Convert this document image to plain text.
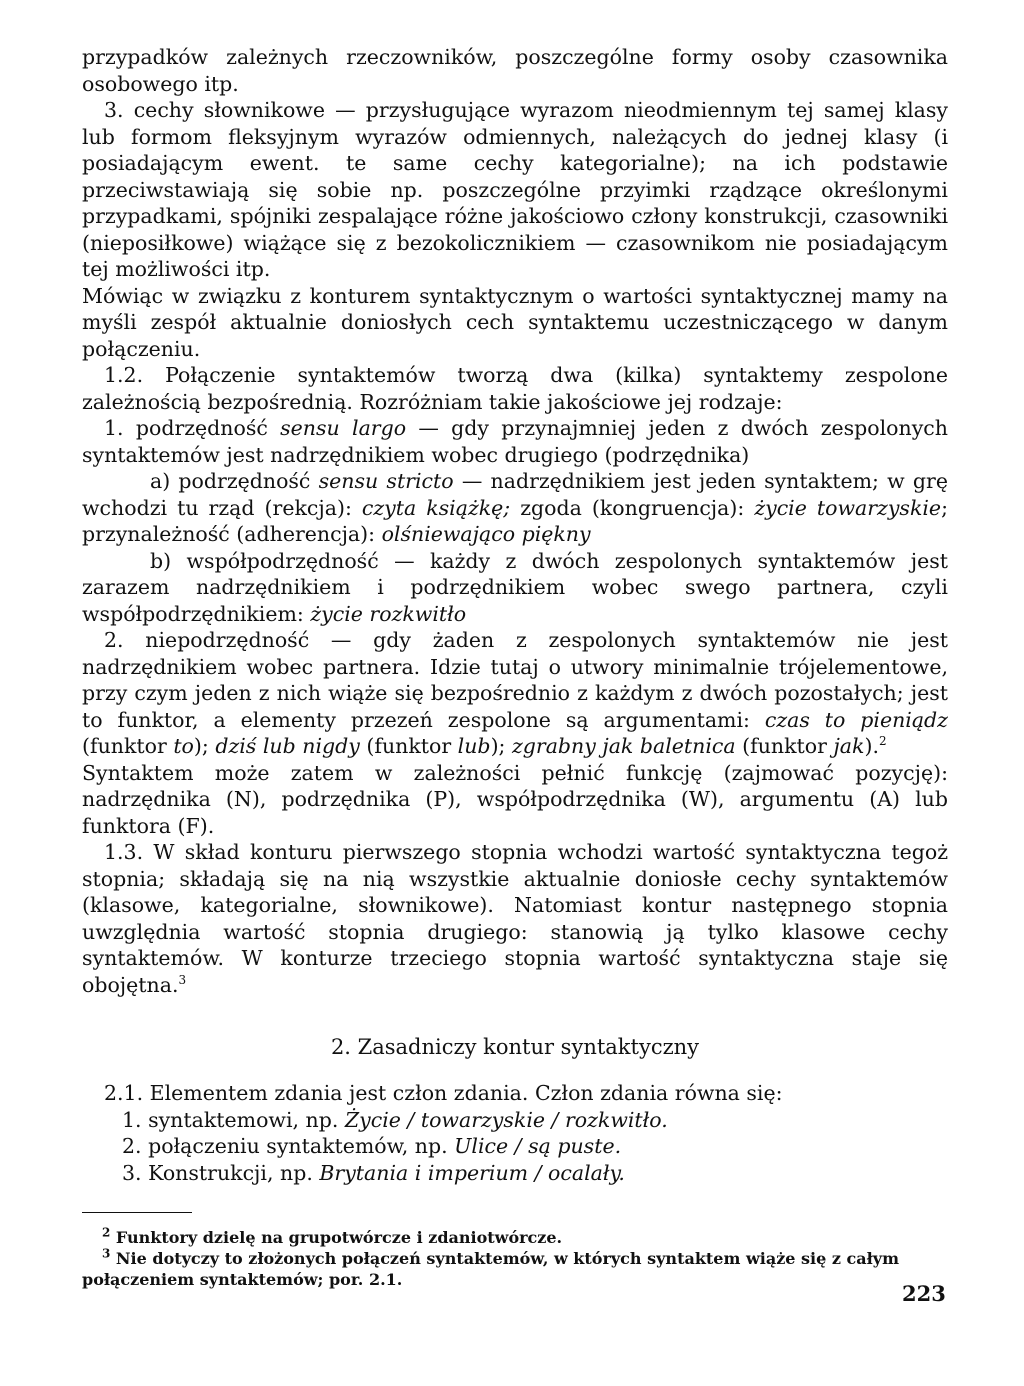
przypadków zależnych rzeczowników, poszczególne formy osoby czasownika osobowego itp.

3. cechy słownikowe — przysługujące wyrazom nieodmiennym tej samej klasy lub formom fleksyjnym wyrazów odmiennych, należących do jednej klasy (i posiadającym ewent. te same cechy kategorialne); na ich podstawie przeciwstawiają się sobie np. poszczególne przyimki rządzące określonymi przypadkami, spójniki zespalające różne jakościowo człony konstrukcji, czasowniki (nieposiłkowe) wiążące się z bezokolicznikiem — czasownikom nie posiadającym tej możliwości itp.

Mówiąc w związku z konturem syntaktycznym o wartości syntaktycznej mamy na myśli zespół aktualnie doniosłych cech syntaktemu uczestniczącego w danym połączeniu.

1.2. Połączenie syntaktemów tworzą dwa (kilka) syntaktemy zespolone zależnością bezpośrednią. Rozróżniam takie jakościowe jej rodzaje:

1. podrzędność sensu largo — gdy przynajmniej jeden z dwóch zespolonych syntaktemów jest nadrzędnikiem wobec drugiego (podrzędnika)

a) podrzędność sensu stricto — nadrzędnikiem jest jeden syntaktem; w grę wchodzi tu rząd (rekcja): czyta książkę; zgoda (kongruencja): życie towarzyskie; przynależność (adherencja): olśniewająco piękny

b) współpodrzędność — każdy z dwóch zespolonych syntaktemów jest zarazem nadrzędnikiem i podrzędnikiem wobec swego partnera, czyli współpodrzędnikiem: życie rozkwitło

2. niepodrzędność — gdy żaden z zespolonych syntaktemów nie jest nadrzędnikiem wobec partnera. Idzie tutaj o utwory minimalnie trójelementowe, przy czym jeden z nich wiąże się bezpośrednio z każdym z dwóch pozostałych; jest to funktor, a elementy przezeń zespolone są argumentami: czas to pieniądz (funktor to); dziś lub nigdy (funktor lub); zgrabny jak baletnica (funktor jak).$^2$

Syntaktem może zatem w zależności pełnić funkcję (zajmować pozycję): nadrzędnika (N), podrzędnika (P), współpodrzędnika (W), argumentu (A) lub funktora (F).

1.3. W skład konturu pierwszego stopnia wchodzi wartość syntaktyczna tegoż stopnia; składają się na nią wszystkie aktualnie doniosłe cechy syntaktemów (klasowe, kategorialne, słownikowe). Natomiast kontur następnego stopnia uwzględnia wartość stopnia drugiego: stanowią ją tylko klasowe cechy syntaktemów. W konturze trzeciego stopnia wartość syntaktyczna staje się obojętna.$^3$

2. Zasadniczy kontur syntaktyczny

2.1. Elementem zdania jest człon zdania. Człon zdania równa się:

1. syntaktemowi, np. Życie / towarzyskie / rozkwitło.

2. połączeniu syntaktemów, np. Ulice / są puste.

3. Konstrukcji, np. Brytania i imperium / ocalały.

$^2$ Funktory dzielę na grupotwórcze i zdaniotwórcze.

$^3$ Nie dotyczy to złożonych połączeń syntaktemów, w których syntaktem wiąże się z całym połączeniem syntaktemów; por. 2.1.

223
